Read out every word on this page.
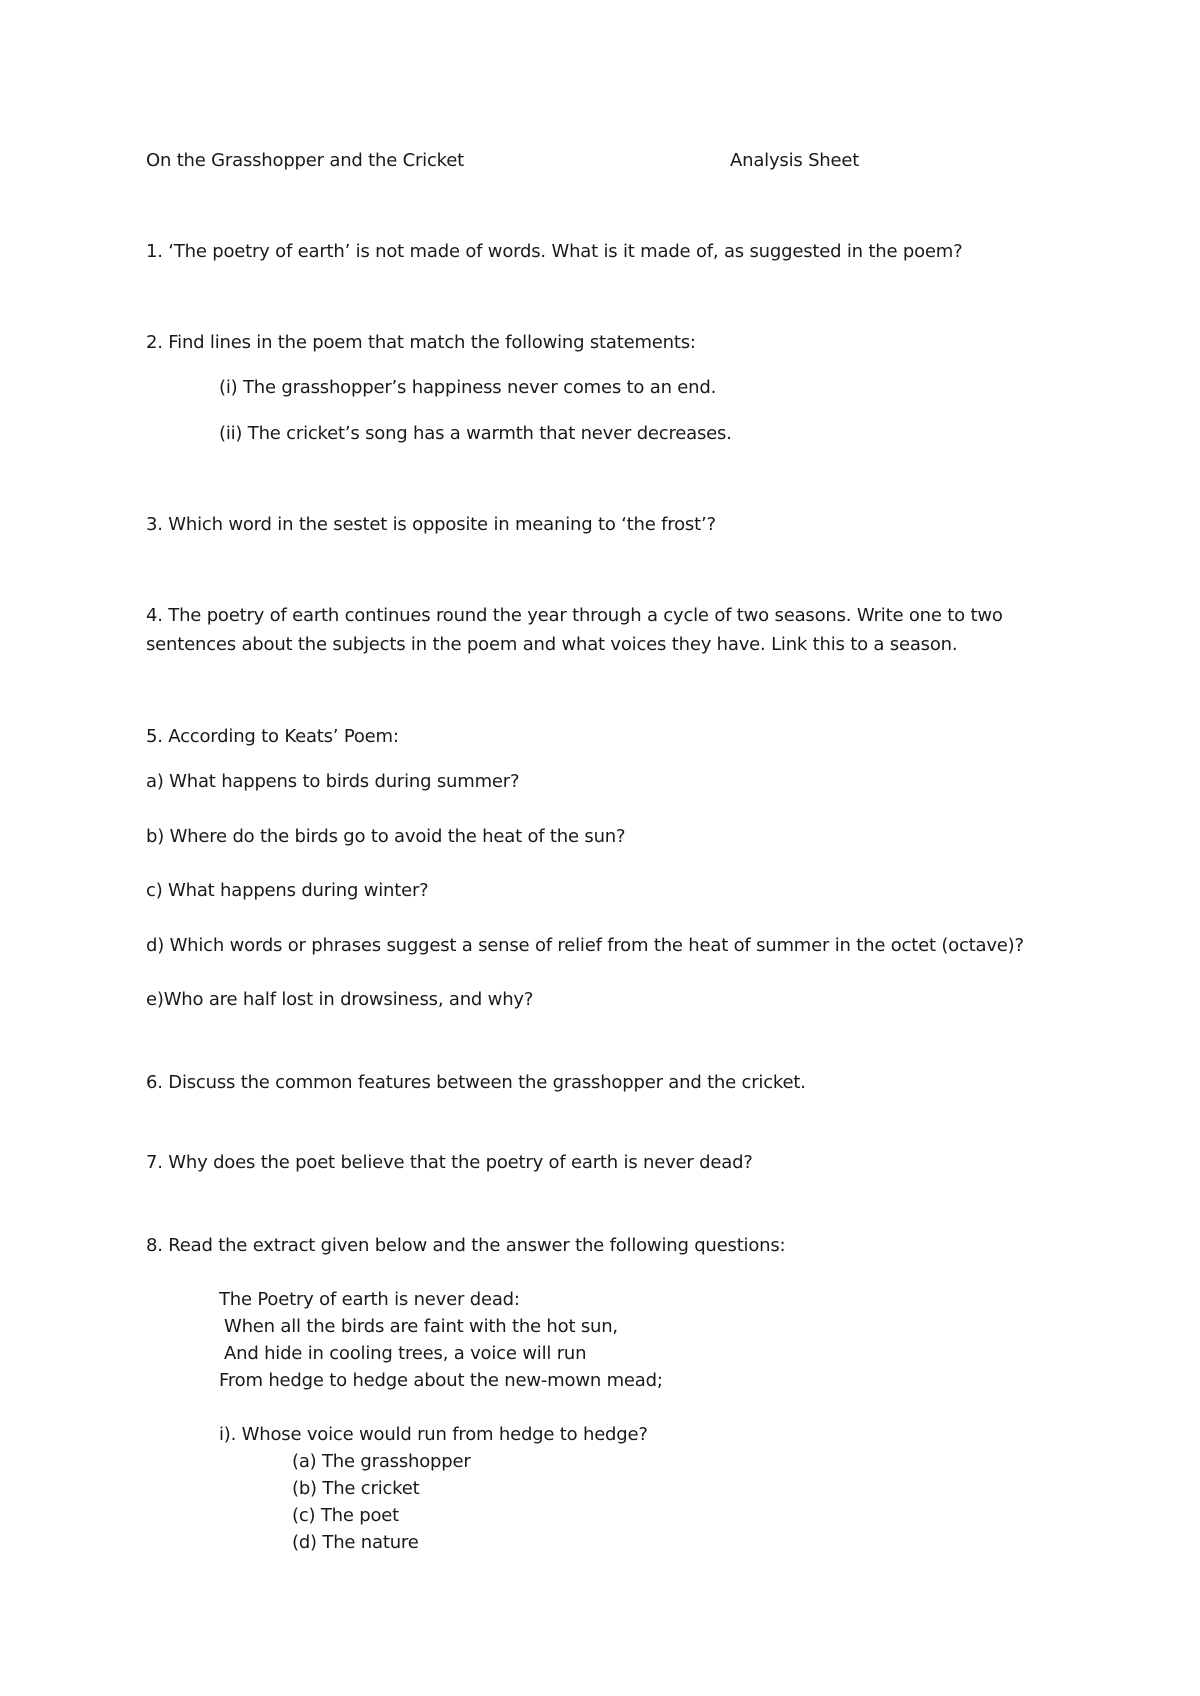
On the Grasshopper and the Cricket	Analysis Sheet
1. ‘The poetry of earth’ is not made of words. What is it made of, as suggested in the poem?
2. Find lines in the poem that match the following statements:
(i) The grasshopper’s happiness never comes to an end.
(ii) The cricket’s song has a warmth that never decreases.
3. Which word in the sestet is opposite in meaning to ‘the frost’?
4. The poetry of earth continues round the year through a cycle of two seasons. Write one to two
sentences about the subjects in the poem and what voices they have. Link this to a season.
5. According to Keats’ Poem:
a) What happens to birds during summer?
b) Where do the birds go to avoid the heat of the sun?
c) What happens during winter?
d) Which words or phrases suggest a sense of relief from the heat of summer in the octet (octave)?
e)Who are half lost in drowsiness, and why?
6. Discuss the common features between the grasshopper and the cricket.
7. Why does the poet believe that the poetry of earth is never dead?
8. Read the extract given below and the answer the following questions:
The Poetry of earth is never dead:
When all the birds are faint with the hot sun,
And hide in cooling trees, a voice will run
From hedge to hedge about the new-mown mead;
i). Whose voice would run from hedge to hedge?
(a) The grasshopper
(b) The cricket
(c) The poet
(d) The nature
